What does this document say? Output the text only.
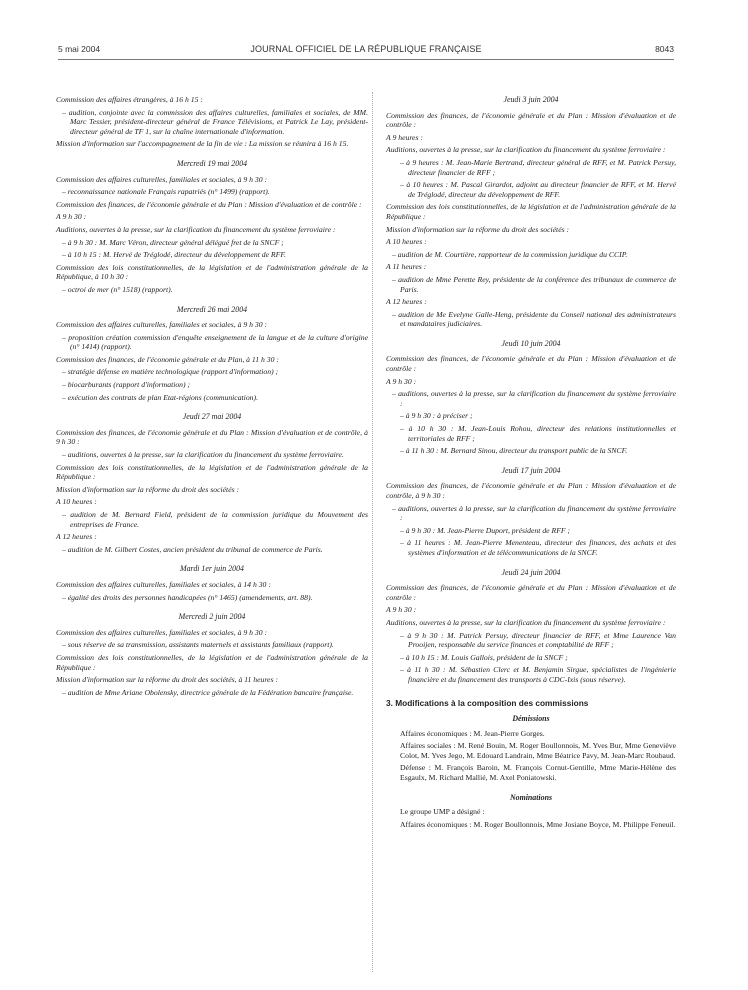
5 mai 2004	JOURNAL OFFICIEL DE LA RÉPUBLIQUE FRANÇAISE	8043

Commission des affaires étrangères, à 16 h 15 :

– audition, conjointe avec la commission des affaires culturelles, familiales et sociales, de MM. Marc Tessier, président-directeur général de France Télévisions, et Patrick Le Lay, président-directeur général de TF 1, sur la chaîne internationale d'information.

Mission d'information sur l'accompagnement de la fin de vie : La mission se réunira à 16 h 15.

Mercredi 19 mai 2004

Commission des affaires culturelles, familiales et sociales, à 9 h 30 :

– reconnaissance nationale Français rapatriés (n° 1499) (rapport).

Commission des finances, de l'économie générale et du Plan : Mission d'évaluation et de contrôle :

A 9 h 30 :

Auditions, ouvertes à la presse, sur la clarification du financement du système ferroviaire :

– à 9 h 30 : M. Marc Véron, directeur général délégué fret de la SNCF ;

– à 10 h 15 : M. Hervé de Tréglodé, directeur du développement de RFF.

Commission des lois constitutionnelles, de la législation et de l'administration générale de la République, à 10 h 30 :

– octroi de mer (n° 1518) (rapport).

Mercredi 26 mai 2004

Commission des affaires culturelles, familiales et sociales, à 9 h 30 :

– proposition création commission d'enquête enseignement de la langue et de la culture d'origine (n° 1414) (rapport).

Commission des finances, de l'économie générale et du Plan, à 11 h 30 :

– stratégie défense en matière technologique (rapport d'information) ;

– biocarburants (rapport d'information) ;

– exécution des contrats de plan Etat-régions (communication).

Jeudi 27 mai 2004

Commission des finances, de l'économie générale et du Plan : Mission d'évaluation et de contrôle, à 9 h 30 :

– auditions, ouvertes à la presse, sur la clarification du financement du système ferroviaire.

Commission des lois constitutionnelles, de la législation et de l'administration générale de la République :

Mission d'information sur la réforme du droit des sociétés :

A 10 heures :

– audition de M. Bernard Field, président de la commission juridique du Mouvement des entreprises de France.

A 12 heures :

– audition de M. Gilbert Costes, ancien président du tribunal de commerce de Paris.

Mardi 1er juin 2004

Commission des affaires culturelles, familiales et sociales, à 14 h 30 :

– égalité des droits des personnes handicapées (n° 1465) (amendements, art. 88).

Mercredi 2 juin 2004

Commission des affaires culturelles, familiales et sociales, à 9 h 30 :

– sous réserve de sa transmission, assistants maternels et assistants familiaux (rapport).

Commission des lois constitutionnelles, de la législation et de l'administration générale de la République :

Mission d'information sur la réforme du droit des sociétés, à 11 heures :

– audition de Mme Ariane Obolensky, directrice générale de la Fédération bancaire française.

Jeudi 3 juin 2004

Commission des finances, de l'économie générale et du Plan : Mission d'évaluation et de contrôle :

A 9 heures :

Auditions, ouvertes à la presse, sur la clarification du financement du système ferroviaire :

– à 9 heures : M. Jean-Marie Bertrand, directeur général de RFF, et M. Patrick Persuy, directeur financier de RFF ;

– à 10 heures : M. Pascal Girardot, adjoint au directeur financier de RFF, et M. Hervé de Tréglodé, directeur du développement de RFF.

Commission des lois constitutionnelles, de la législation et de l'administration générale de la République :

Mission d'information sur la réforme du droit des sociétés :

A 10 heures :

– audition de M. Courtière, rapporteur de la commission juridique du CCIP.

A 11 heures :

– audition de Mme Perette Rey, présidente de la conférence des tribunaux de commerce de Paris.

A 12 heures :

– audition de Me Evelyne Galle-Heng, présidente du Conseil national des administrateurs et mandataires judiciaires.

Jeudi 10 juin 2004

Commission des finances, de l'économie générale et du Plan : Mission d'évaluation et de contrôle :

A 9 h 30 :

– auditions, ouvertes à la presse, sur la clarification du financement du système ferroviaire :

– à 9 h 30 : à préciser ;

– à 10 h 30 : M. Jean-Louis Rohou, directeur des relations institutionnelles et territoriales de RFF ;

– à 11 h 30 : M. Bernard Sinou, directeur du transport public de la SNCF.

Jeudi 17 juin 2004

Commission des finances, de l'économie générale et du Plan : Mission d'évaluation et de contrôle, à 9 h 30 :

– auditions, ouvertes à la presse, sur la clarification du financement du système ferroviaire :

– à 9 h 30 : M. Jean-Pierre Duport, président de RFF ;

– à 11 heures : M. Jean-Pierre Menenteau, directeur des finances, des achats et des systèmes d'information et de télécommunications de la SNCF.

Jeudi 24 juin 2004

Commission des finances, de l'économie générale et du Plan : Mission d'évaluation et de contrôle :

A 9 h 30 :

Auditions, ouvertes à la presse, sur la clarification du financement du système ferroviaire :

– à 9 h 30 : M. Patrick Persuy, directeur financier de RFF, et Mme Laurence Van Prooijen, responsable du service finances et comptabilité de RFF ;

– à 10 h 15 : M. Louis Gallois, président de la SNCF ;

– à 11 h 30 : M. Sébastien Clerc et M. Benjamin Sirgue, spécialistes de l'ingénierie financière et du financement des transports à CDC-Ixis (sous réserve).

3. Modifications à la composition des commissions
Démissions

Affaires économiques : M. Jean-Pierre Gorges.

Affaires sociales : M. René Bouin, M. Roger Boullonnois, M. Yves Bur, Mme Geneviève Colot, M. Yves Jego, M. Edouard Landrain, Mme Béatrice Pavy, M. Jean-Marc Roubaud.

Défense : M. François Baroin, M. François Cornut-Gentille, Mme Marie-Hélène des Esgaulx, M. Richard Mallié, M. Axel Poniatowski.

Nominations

Le groupe UMP a désigné :

Affaires économiques : M. Roger Boullonnois, Mme Josiane Boyce, M. Philippe Feneuil.
